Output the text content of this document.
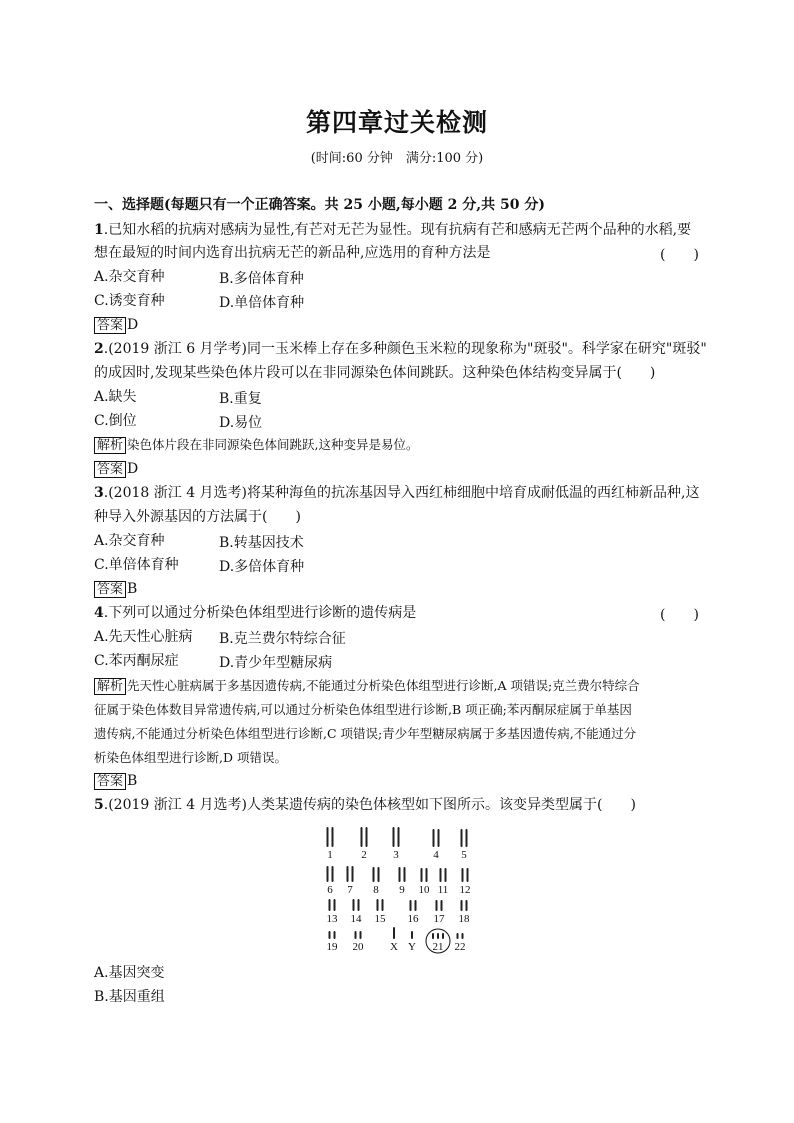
第四章过关检测
(时间:60 分钟　满分:100 分)
一、选择题(每题只有一个正确答案。共 25 小题,每小题 2 分,共 50 分)
1.已知水稻的抗病对感病为显性,有芒对无芒为显性。现有抗病有芒和感病无芒两个品种的水稻,要
想在最短的时间内选育出抗病无芒的新品种,应选用的育种方法是	(　　)
A.杂交育种	B.多倍体育种
C.诱变育种	D.单倍体育种
答案 D
2.(2019 浙江 6 月学考)同一玉米棒上存在多种颜色玉米粒的现象称为"斑驳"。科学家在研究"斑驳"
的成因时,发现某些染色体片段可以在非同源染色体间跳跃。这种染色体结构变异属于(　　)
A.缺失	B.重复
C.倒位	D.易位
解析 染色体片段在非同源染色体间跳跃,这种变异是易位。
答案 D
3.(2018 浙江 4 月选考)将某种海鱼的抗冻基因导入西红柿细胞中培育成耐低温的西红柿新品种,这
种导入外源基因的方法属于(　　)
A.杂交育种	B.转基因技术
C.单倍体育种	D.多倍体育种
答案 B
4.下列可以通过分析染色体组型进行诊断的遗传病是	(　　)
A.先天性心脏病 B.克兰费尔特综合征
C.苯丙酮尿症	D.青少年型糖尿病
解析 先天性心脏病属于多基因遗传病,不能通过分析染色体组型进行诊断,A 项错误;克兰费尔特综合
征属于染色体数目异常遗传病,可以通过分析染色体组型进行诊断,B 项正确;苯丙酮尿症属于单基因
遗传病,不能通过分析染色体组型进行诊断,C 项错误;青少年型糖尿病属于多基因遗传病,不能通过分
析染色体组型进行诊断,D 项错误。
答案 B
5.(2019 浙江 4 月选考)人类某遗传病的染色体核型如下图所示。该变异类型属于(　　)
1	2 3	4 5
6 7 8 9 10 11 12
13 14 15 16 17 18
19 20 X Y 21 22
A.基因突变
B.基因重组
